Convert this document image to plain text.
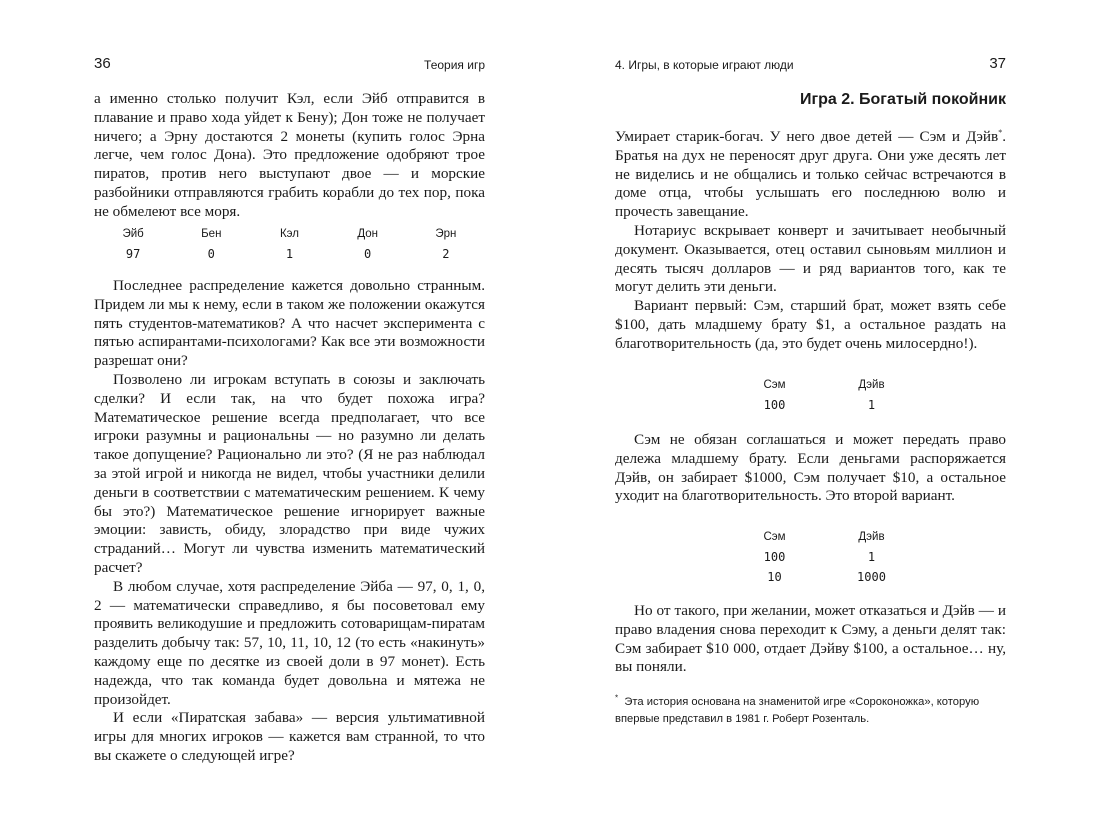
36	Теория игр

а именно столько получит Кэл, если Эйб отправится в плавание и право хода уйдет к Бену); Дон тоже не получает ничего; а Эрну достаются 2 монеты (купить голос Эрна легче, чем голос Дона). Это предложение одобряют трое пиратов, против него выступают двое — и морские разбойники отправляются грабить корабли до тех пор, пока не обмелеют все моря.

Эйб	Бен	Кэл	Дон	Эрн
97	0	1	0	2

Последнее распределение кажется довольно странным. Придем ли мы к нему, если в таком же положении окажутся пять студентов-математиков? А что насчет эксперимента с пятью аспирантами-психологами? Как все эти возможности разрешат они?

Позволено ли игрокам вступать в союзы и заключать сделки? И если так, на что будет похожа игра? Математическое решение всегда предполагает, что все игроки разумны и рациональны — но разумно ли делать такое допущение? Рационально ли это? (Я не раз наблюдал за этой игрой и никогда не видел, чтобы участники делили деньги в соответствии с математическим решением. К чему бы это?) Математическое решение игнорирует важные эмоции: зависть, обиду, злорадство при виде чужих страданий… Могут ли чувства изменить математический расчет?

В любом случае, хотя распределение Эйба — 97, 0, 1, 0, 2 — математически справедливо, я бы посоветовал ему проявить великодушие и предложить сотоварищам-пиратам разделить добычу так: 57, 10, 11, 10, 12 (то есть «накинуть» каждому еще по десятке из своей доли в 97 монет). Есть надежда, что так команда будет довольна и мятежа не произойдет.

И если «Пиратская забава» — версия ультимативной игры для многих игроков — кажется вам странной, то что вы скажете о следующей игре?

4. Игры, в которые играют люди	37
Игра 2. Богатый покойник

Умирает старик-богач. У него двое детей — Сэм и Дэйв*. Братья на дух не переносят друг друга. Они уже десять лет не виделись и не общались и только сейчас встречаются в доме отца, чтобы услышать его последнюю волю и прочесть завещание.

Нотариус вскрывает конверт и зачитывает необычный документ. Оказывается, отец оставил сыновьям миллион и десять тысяч долларов — и ряд вариантов того, как те могут делить эти деньги.

Вариант первый: Сэм, старший брат, может взять себе $100, дать младшему брату $1, а остальное раздать на благотворительность (да, это будет очень милосердно!).

Сэм	Дэйв
100	1

Сэм не обязан соглашаться и может передать право дележа младшему брату. Если деньгами распоряжается Дэйв, он забирает $1000, Сэм получает $10, а остальное уходит на благотворительность. Это второй вариант.

Сэм	Дэйв
100	1
10	1000

Но от такого, при желании, может отказаться и Дэйв — и право владения снова переходит к Сэму, а деньги делят так: Сэм забирает $10 000, отдает Дэйву $100, а остальное… ну, вы поняли.

* Эта история основана на знаменитой игре «Сороконожка», которую впервые представил в 1981 г. Роберт Розенталь.
